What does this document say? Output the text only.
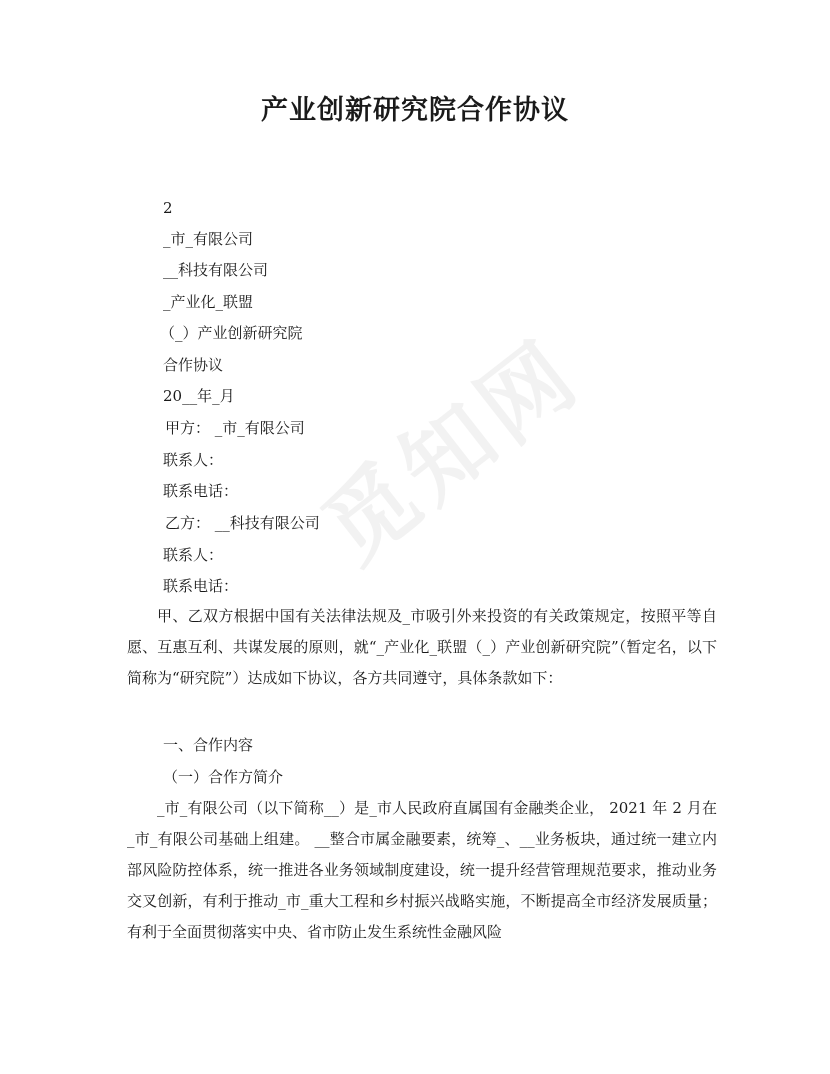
觅知网
产业创新研究院合作协议
2
_市_有限公司
__科技有限公司
_产业化_联盟
（_）产业创新研究院
合作协议
20__年_月
甲方： _市_有限公司
联系人：
联系电话：
乙方： __科技有限公司
联系人：
联系电话：

甲、乙双方根据中国有关法律法规及_市吸引外来投资的有关政策规定，按照平等自愿、互惠互利、共谋发展的原则，就“_产业化_联盟（_）产业创新研究院”（暂定名，以下简称为“研究院”）达成如下协议，各方共同遵守，具体条款如下：

一、合作内容
（一）合作方简介

_市_有限公司（以下简称__）是_市人民政府直属国有金融类企业， 2021 年 2 月在_市_有限公司基础上组建。 __整合市属金融要素，统筹_、__业务板块，通过统一建立内部风险防控体系，统一推进各业务领域制度建设，统一提升经营管理规范要求，推动业务交叉创新，有利于推动_市_重大工程和乡村振兴战略实施，不断提高全市经济发展质量； 有利于全面贯彻落实中央、省市防止发生系统性金融风险
